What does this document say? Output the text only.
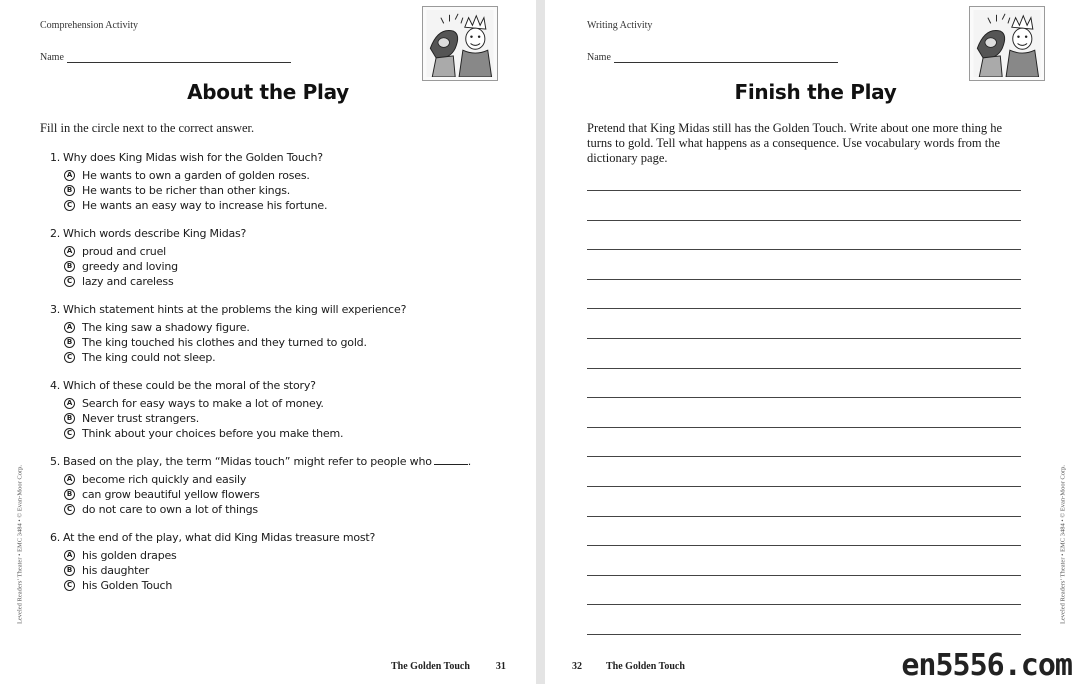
Comprehension Activity
Name
About the Play
Fill in the circle next to the correct answer.
1. Why does King Midas wish for the Golden Touch?
A He wants to own a garden of golden roses.
B He wants to be richer than other kings.
C He wants an easy way to increase his fortune.
2. Which words describe King Midas?
A proud and cruel
B greedy and loving
C lazy and careless
3. Which statement hints at the problems the king will experience?
A The king saw a shadowy figure.
B The king touched his clothes and they turned to gold.
C The king could not sleep.
4. Which of these could be the moral of the story?
A Search for easy ways to make a lot of money.
B Never trust strangers.
C Think about your choices before you make them.
5. Based on the play, the term “Midas touch” might refer to people who	.
A become rich quickly and easily
B can grow beautiful yellow flowers
C do not care to own a lot of things
6. At the end of the play, what did King Midas treasure most?
A his golden drapes
B his daughter
C his Golden Touch
Leveled Readers’ Theater • EMC 3484 • © Evan-Moor Corp.
The Golden Touch	31
Writing Activity
Name
Finish the Play
Pretend that King Midas still has the Golden Touch. Write about one more thing he turns to gold. Tell what happens as a consequence. Use vocabulary words from the dictionary page.
Leveled Readers’ Theater • EMC 3484 • © Evan-Moor Corp.
32 The Golden Touch	en5556.com
